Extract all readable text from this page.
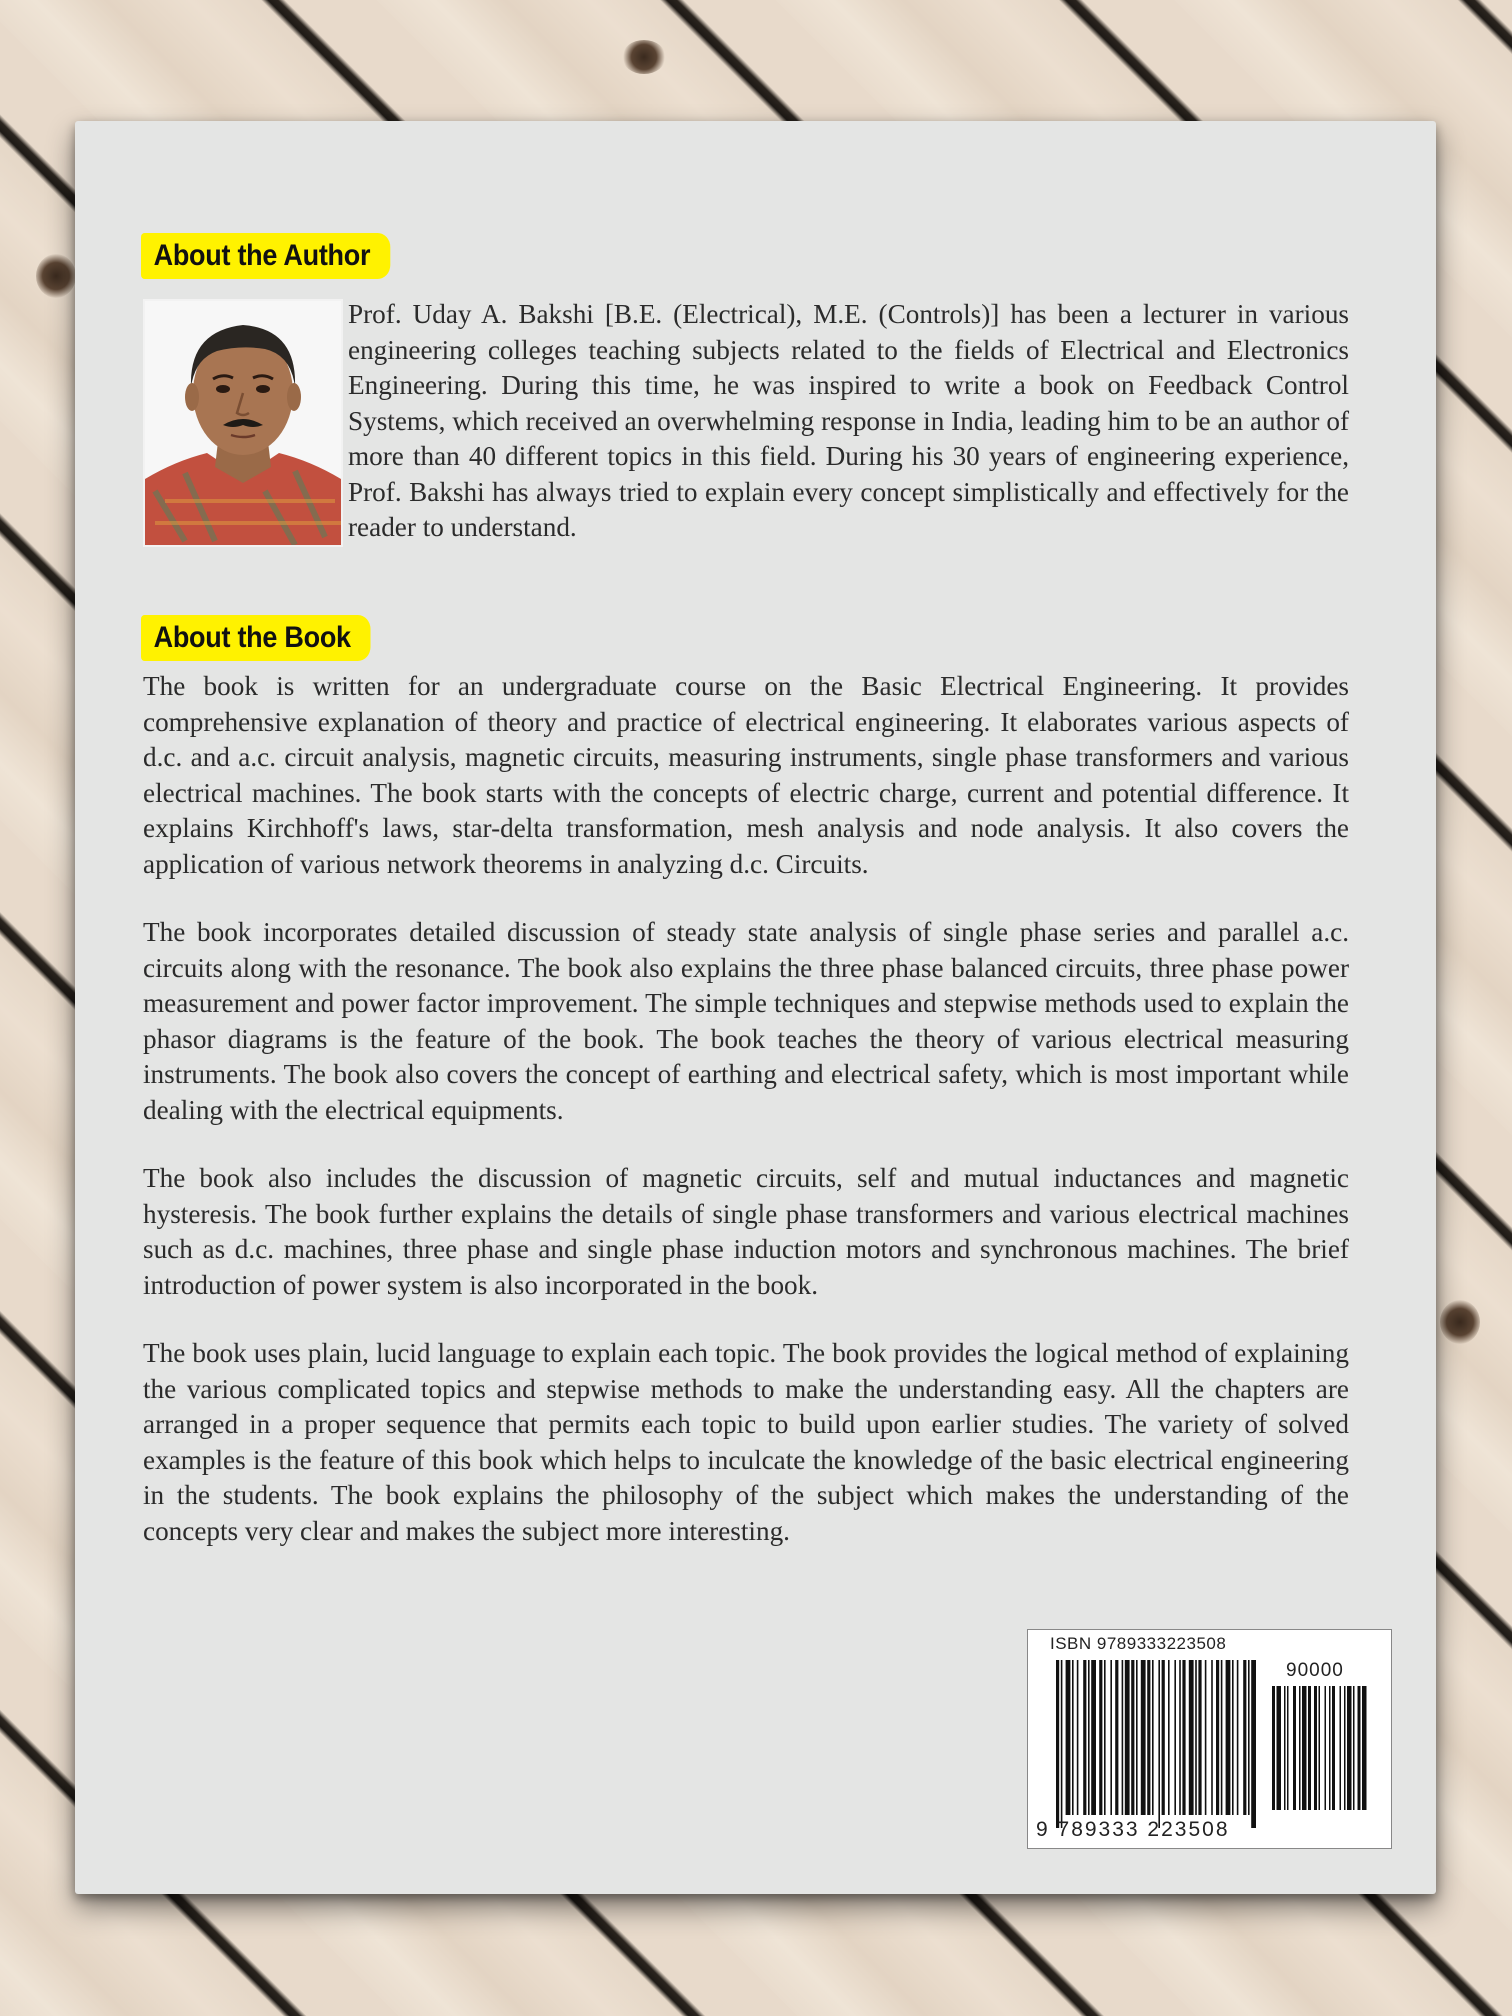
About the Author

Prof. Uday A. Bakshi [B.E. (Electrical), M.E. (Controls)] has been a lecturer in various engineering colleges teaching subjects related to the fields of Electrical and Electronics Engineering. During this time, he was inspired to write a book on Feedback Control Systems, which received an overwhelming response in India, leading him to be an author of more than 40 different topics in this field. During his 30 years of engineering experience, Prof. Bakshi has always tried to explain every concept simplistically and effectively for the reader to understand.

About the Book

The book is written for an undergraduate course on the Basic Electrical Engineering. It provides comprehensive explanation of theory and practice of electrical engineering. It elaborates various aspects of d.c. and a.c. circuit analysis, magnetic circuits, measuring instruments, single phase transformers and various electrical machines. The book starts with the concepts of electric charge, current and potential difference. It explains Kirchhoff's laws, star-delta transformation, mesh analysis and node analysis. It also covers the application of various network theorems in analyzing d.c. Circuits.

The book incorporates detailed discussion of steady state analysis of single phase series and parallel a.c. circuits along with the resonance. The book also explains the three phase balanced circuits, three phase power measurement and power factor improvement. The simple techniques and stepwise methods used to explain the phasor diagrams is the feature of the book. The book teaches the theory of various electrical measuring instruments. The book also covers the concept of earthing and electrical safety, which is most important while dealing with the electrical equipments.

The book also includes the discussion of magnetic circuits, self and mutual inductances and magnetic hysteresis. The book further explains the details of single phase transformers and various electrical machines such as d.c. machines, three phase and single phase induction motors and synchronous machines. The brief introduction of power system is also incorporated in the book.

The book uses plain, lucid language to explain each topic. The book provides the logical method of explaining the various complicated topics and stepwise methods to make the understanding easy. All the chapters are arranged in a proper sequence that permits each topic to build upon earlier studies. The variety of solved examples is the feature of this book which helps to inculcate the knowledge of the basic electrical engineering in the students. The book explains the philosophy of the subject which makes the understanding of the concepts very clear and makes the subject more interesting.

ISBN 9789333223508
90000
9 789333 223508
